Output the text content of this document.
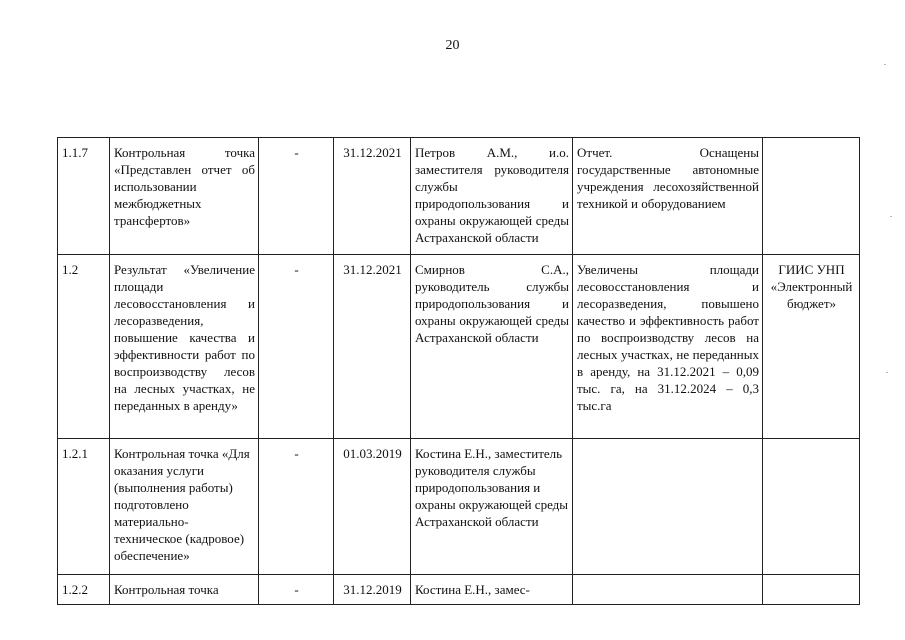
20
1.1.7	Контрольная точка «Представлен отчет об использовании межбюджетных трансфертов»	-	31.12.2021	Петров А.М., и.о. заместителя руководителя службы природопользования и охраны окружающей среды Астраханской области	Отчет. Оснащены государственные автономные учреждения лесохозяйственной техникой и оборудованием	
1.2	Результат «Увеличение площади лесовосстановления и лесоразведения, повышение качества и эффективности работ по воспроизводству лесов на лесных участках, не переданных в аренду»	-	31.12.2021	Смирнов С.А., руководитель службы природопользования и охраны окружающей среды Астраханской области	Увеличены площади лесовосстановления и лесоразведения, повышено качество и эффективность работ по воспроизводству лесов на лесных участках, не переданных в аренду, на 31.12.2021 – 0,09 тыс. га, на 31.12.2024 – 0,3 тыс.га	ГИИС УНП «Электронный бюджет»
1.2.1	Контрольная точка «Для оказания услуги (выполнения работы) подготовлено материально-техническое (кадровое) обеспечение»	-	01.03.2019	Костина Е.Н., заместитель руководителя службы природопользования и охраны окружающей среды Астраханской области		
1.2.2	Контрольная точка	-	31.12.2019	Костина Е.Н., замес-		
